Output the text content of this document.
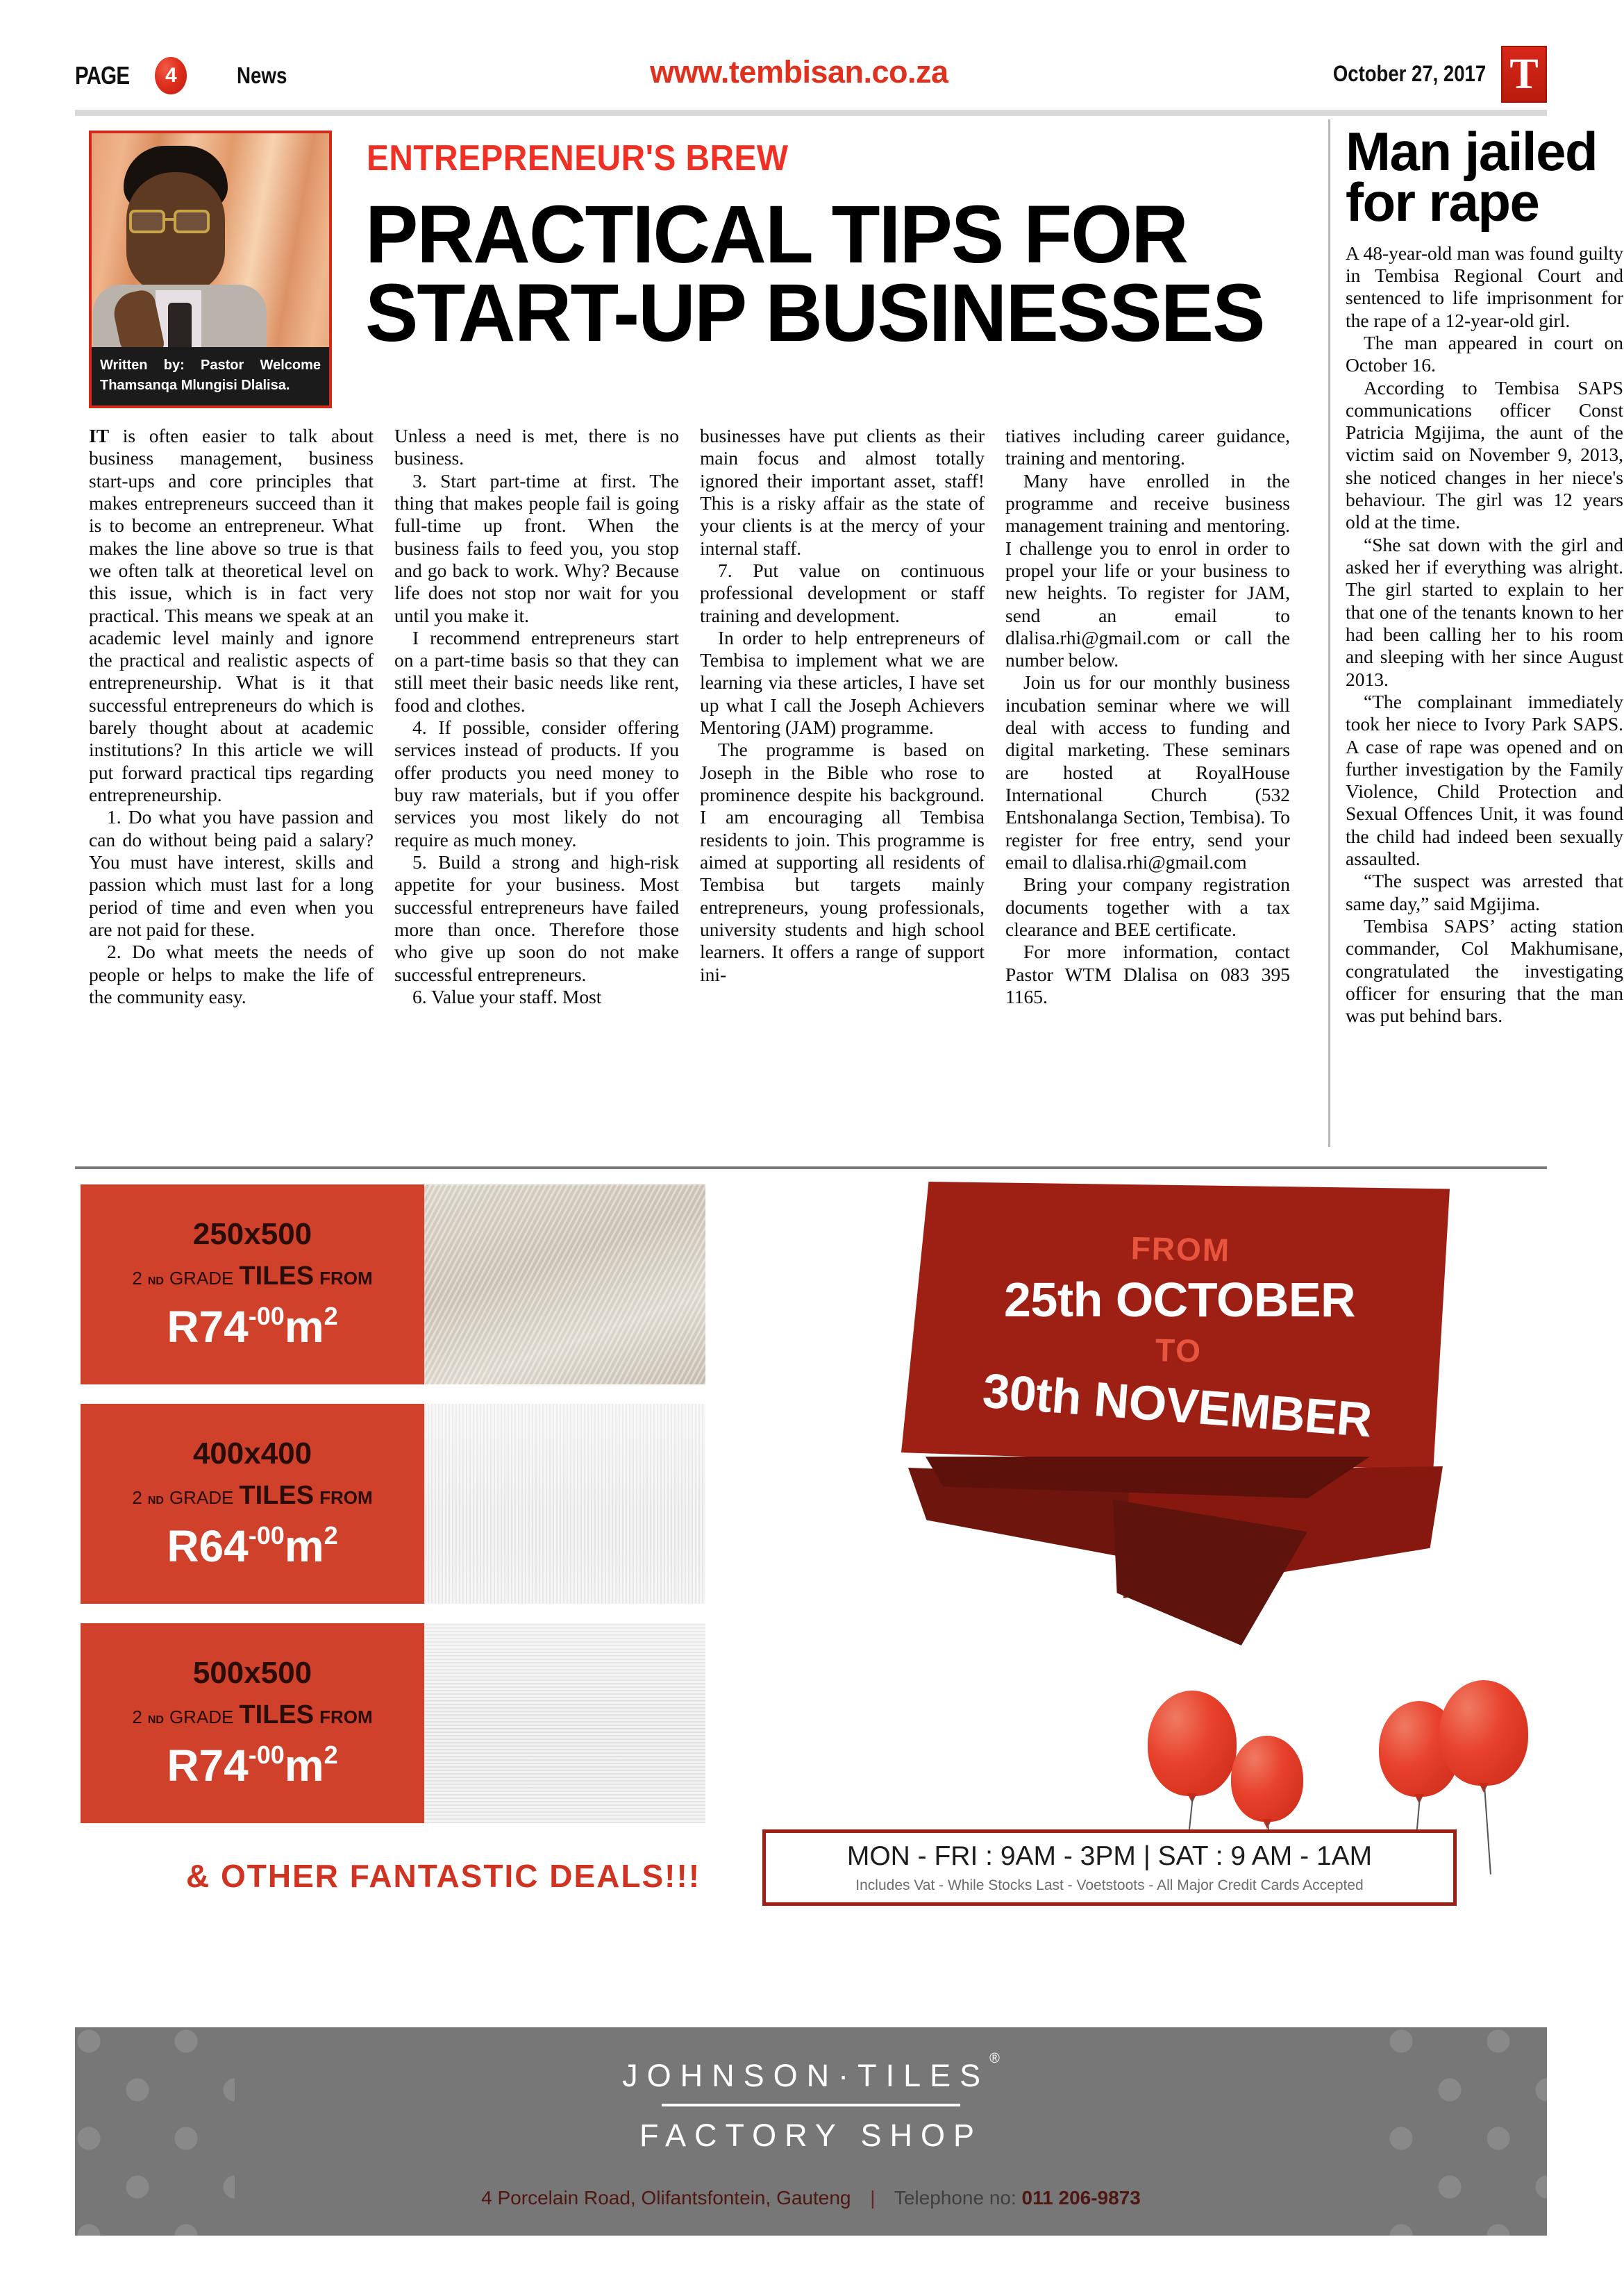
PAGE	4	News	www.tembisan.co.za	October 27, 2017 T
Written by: Pastor Welcome Thamsanqa Mlungisi Dlalisa.
ENTREPRENEUR'S BREW
PRACTICAL TIPS FOR
START-UP BUSINESSES

IT is often easier to talk about business management, business start-ups and core principles that makes entrepreneurs succeed than it is to become an entrepreneur. What makes the line above so true is that we often talk at theoretical level on this issue, which is in fact very practical. This means we speak at an academic level mainly and ignore the practical and realistic aspects of entrepreneurship. What is it that successful entrepreneurs do which is barely thought about at academic institutions? In this article we will put forward practical tips regarding entrepreneurship.

1. Do what you have passion and can do without being paid a salary? You must have interest, skills and passion which must last for a long period of time and even when you are not paid for these.

2. Do what meets the needs of people or helps to make the life of the community easy.

Unless a need is met, there is no business.

3. Start part-time at first. The thing that makes people fail is going full-time up front. When the business fails to feed you, you stop and go back to work. Why? Because life does not stop nor wait for you until you make it.

I recommend entrepreneurs start on a part-time basis so that they can still meet their basic needs like rent, food and clothes.

4. If possible, consider offering services instead of products. If you offer products you need money to buy raw materials, but if you offer services you most likely do not require as much money.

5. Build a strong and high-risk appetite for your business. Most successful entrepreneurs have failed more than once. Therefore those who give up soon do not make successful entrepreneurs.

6. Value your staff. Most

businesses have put clients as their main focus and almost totally ignored their important asset, staff! This is a risky affair as the state of your clients is at the mercy of your internal staff.

7. Put value on continuous professional development or staff training and development.

In order to help entrepreneurs of Tembisa to implement what we are learning via these articles, I have set up what I call the Joseph Achievers Mentoring (JAM) programme.

The programme is based on Joseph in the Bible who rose to prominence despite his background. I am encouraging all Tembisa residents to join. This programme is aimed at supporting all residents of Tembisa but targets mainly entrepreneurs, young professionals, university students and high school learners. It offers a range of support ini-

tiatives including career guidance, training and mentoring.

Many have enrolled in the programme and receive business management training and mentoring. I challenge you to enrol in order to propel your life or your business to new heights. To register for JAM, send an email to dlalisa.rhi@gmail.com or call the number below.

Join us for our monthly business incubation seminar where we will deal with access to funding and digital marketing. These seminars are hosted at RoyalHouse International Church (532 Entshonalanga Section, Tembisa). To register for free entry, send your email to dlalisa.rhi@gmail.com

Bring your company registration documents together with a tax clearance and BEE certificate.

For more information, contact Pastor WTM Dlalisa on 083 395 1165.

Man jailed for rape

A 48-year-old man was found guilty in Tembisa Regional Court and sentenced to life imprisonment for the rape of a 12-year-old girl.

The man appeared in court on October 16.

According to Tembisa SAPS communications officer Const Patricia Mgijima, the aunt of the victim said on November 9, 2013, she noticed changes in her niece's behaviour. The girl was 12 years old at the time.

“She sat down with the girl and asked her if everything was alright. The girl started to explain to her that one of the tenants known to her had been calling her to his room and sleeping with her since August 2013.

“The complainant immediately took her niece to Ivory Park SAPS. A case of rape was opened and on further investigation by the Family Violence, Child Protection and Sexual Offences Unit, it was found the child had indeed been sexually assaulted.

“The suspect was arrested that same day,” said Mgijima.

Tembisa SAPS’ acting station commander, Col Makhumisane, congratulated the investigating officer for ensuring that the man was put behind bars.

250x500
2 ND GRADE TILES FROM
$R74^{-00}$ $m^2$
400x400
2 ND GRADE TILES FROM
$R64^{-00}$ $m^2$
500x500
2 ND GRADE TILES FROM
$R74^{-00}$ $m^2$
& OTHER FANTASTIC DEALS!!!
FROM
25th OCTOBER
TO
30th NOVEMBER
MON - FRI : 9AM - 3PM | SAT : 9 AM - 1AM
Includes Vat - While Stocks Last - Voetstoots - All Major Credit Cards Accepted
JOHNSON·TILES®
FACTORY SHOP
4 Porcelain Road, Olifantsfontein, Gauteng | Telephone no: 011 206-9873
